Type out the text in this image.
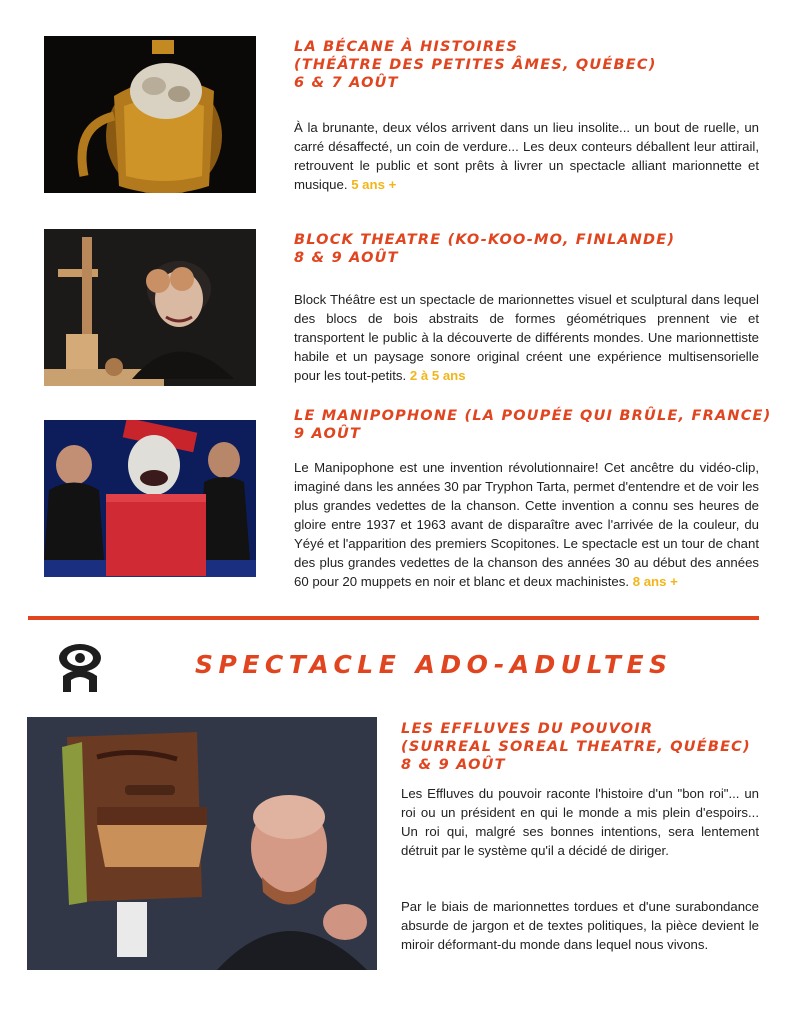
LA BÉCANE À HISTOIRES
(THÉÂTRE DES PETITES ÂMES, QUÉBEC)
6 & 7 AOÛT

À la brunante, deux vélos arrivent dans un lieu insolite... un bout de ruelle, un carré désaffecté, un coin de verdure... Les deux conteurs déballent leur attirail, retrouvent le public et sont prêts à livrer un spectacle alliant marionnette et musique. 5 ans +

BLOCK THEATRE (KO-KOO-MO, FINLANDE)
8 & 9 AOÛT

Block Théâtre est un spectacle de marionnettes visuel et sculptural dans lequel des blocs de bois abstraits de formes géométriques prennent vie et transportent le public à la découverte de différents mondes. Une marionnettiste habile et un paysage sonore original créent une expérience multisensorielle pour les tout-petits. 2 à 5 ans

LE MANIPOPHONE (LA POUPÉE QUI BRÛLE, FRANCE)
9 AOÛT

Le Manipophone est une invention révolutionnaire! Cet ancêtre du vidéo-clip, imaginé dans les années 30 par Tryphon Tarta, permet d'entendre et de voir les plus grandes vedettes de la chanson. Cette invention a connu ses heures de gloire entre 1937 et 1963 avant de disparaître avec l'arrivée de la couleur, du Yéyé et l'apparition des premiers Scopitones. Le spectacle est un tour de chant des plus grandes vedettes de la chanson des années 30 au début des années 60 pour 20 muppets en noir et blanc et deux machinistes. 8 ans +

SPECTACLE ADO-ADULTES
LES EFFLUVES DU POUVOIR
(SURREAL SOREAL THEATRE, QUÉBEC)
8 & 9 AOÛT

Les Effluves du pouvoir raconte l'histoire d'un "bon roi"... un roi ou un président en qui le monde a mis plein d'espoirs... Un roi qui, malgré ses bonnes intentions, sera lentement détruit par le système qu'il a décidé de diriger.

Par le biais de marionnettes tordues et d'une surabondance absurde de jargon et de textes politiques, la pièce devient le miroir déformant-du monde dans lequel nous vivons.
